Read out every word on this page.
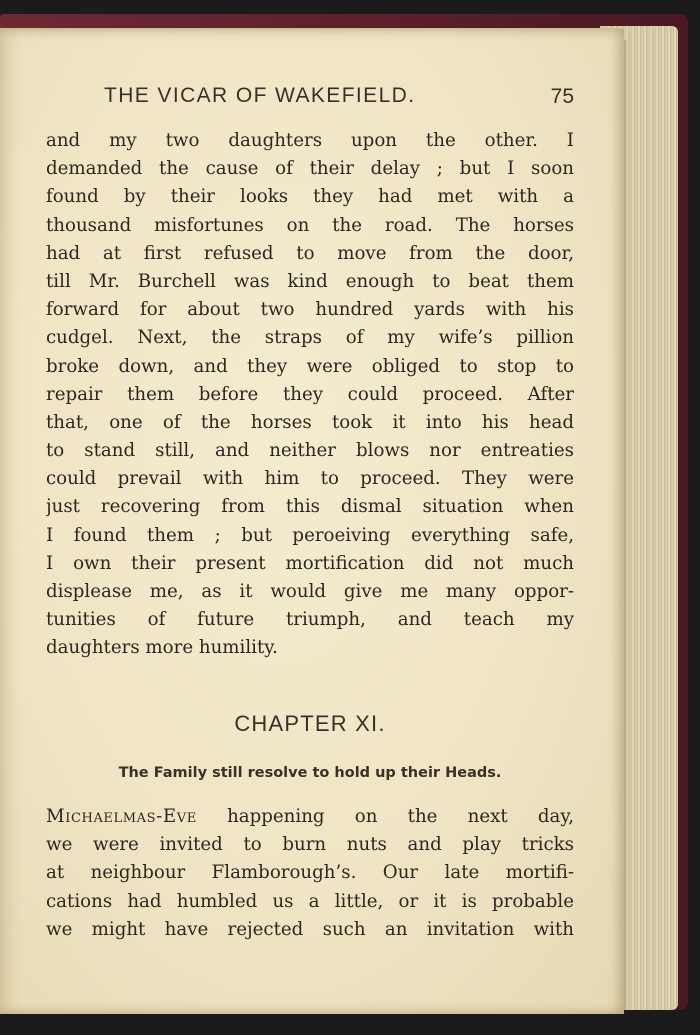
THE VICAR OF WAKEFIELD.	75
and my two daughters upon the other. I
demanded the cause of their delay ; but I soon
found by their looks they had met with a
thousand misfortunes on the road. The horses
had at first refused to move from the door,
till Mr. Burchell was kind enough to beat them
forward for about two hundred yards with his
cudgel. Next, the straps of my wife’s pillion
broke down, and they were obliged to stop to
repair them before they could proceed. After
that, one of the horses took it into his head
to stand still, and neither blows nor entreaties
could prevail with him to proceed. They were
just recovering from this dismal situation when
I found them ; but peroeiving everything safe,
I own their present mortification did not much
displease me, as it would give me many oppor-
tunities of future triumph, and teach my
daughters more humility.
CHAPTER XI.
The Family still resolve to hold up their Heads.
Michaelmas-Eve happening on the next day,
we were invited to burn nuts and play tricks
at neighbour Flamborough’s. Our late mortifi-
cations had humbled us a little, or it is probable
we might have rejected such an invitation with
